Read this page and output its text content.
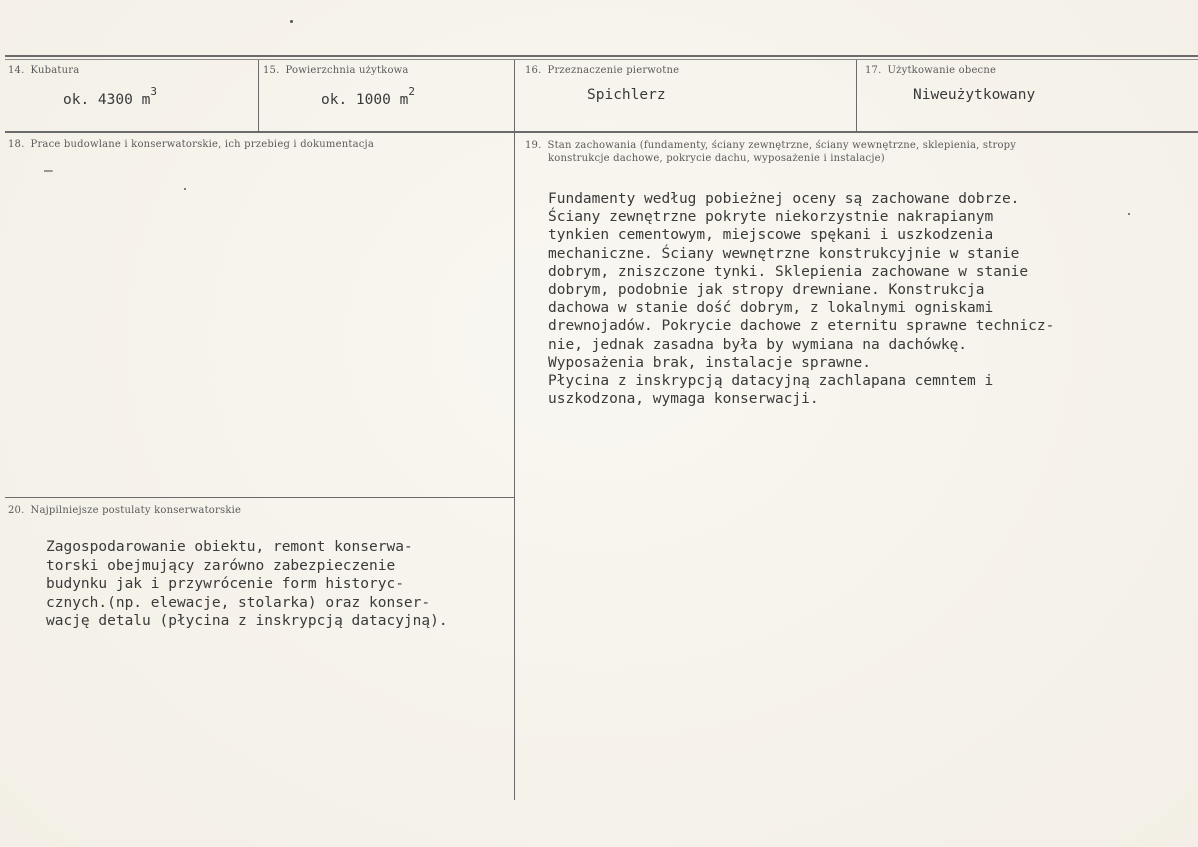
14. Kubatura
ok. 4300 $m^3$
15. Powierzchnia użytkowa
ok. 1000 $m^2$
16. Przeznaczenie pierwotne
Spichlerz
17. Użytkowanie obecne
Niweużytkowany
18. Prace budowlane i konserwatorskie, ich przebieg i dokumentacja
–
19. Stan zachowania (fundamenty, ściany zewnętrzne, ściany wewnętrzne, sklepienia, stropy
konstrukcje dachowe, pokrycie dachu, wyposażenie i instalacje)
Fundamenty według pobieżnej oceny są zachowane dobrze.
Ściany zewnętrzne pokryte niekorzystnie nakrapianym
tynkien cementowym, miejscowe spękani i uszkodzenia
mechaniczne. Ściany wewnętrzne konstrukcyjnie w stanie
dobrym, zniszczone tynki. Sklepienia zachowane w stanie
dobrym, podobnie jak stropy drewniane. Konstrukcja
dachowa w stanie dość dobrym, z lokalnymi ogniskami
drewnojadów. Pokrycie dachowe z eternitu sprawne technicz-
nie, jednak zasadna była by wymiana na dachówkę.
Wyposażenia brak, instalacje sprawne.
Płycina z inskrypcją datacyjną zachlapana cemntem i
uszkodzona, wymaga konserwacji.
20. Najpilniejsze postulaty konserwatorskie
Zagospodarowanie obiektu, remont konserwa-
torski obejmujący zarówno zabezpieczenie
budynku jak i przywrócenie form historyc-
cznych.(np. elewacje, stolarka) oraz konser-
wację detalu (płycina z inskrypcją datacyjną).
